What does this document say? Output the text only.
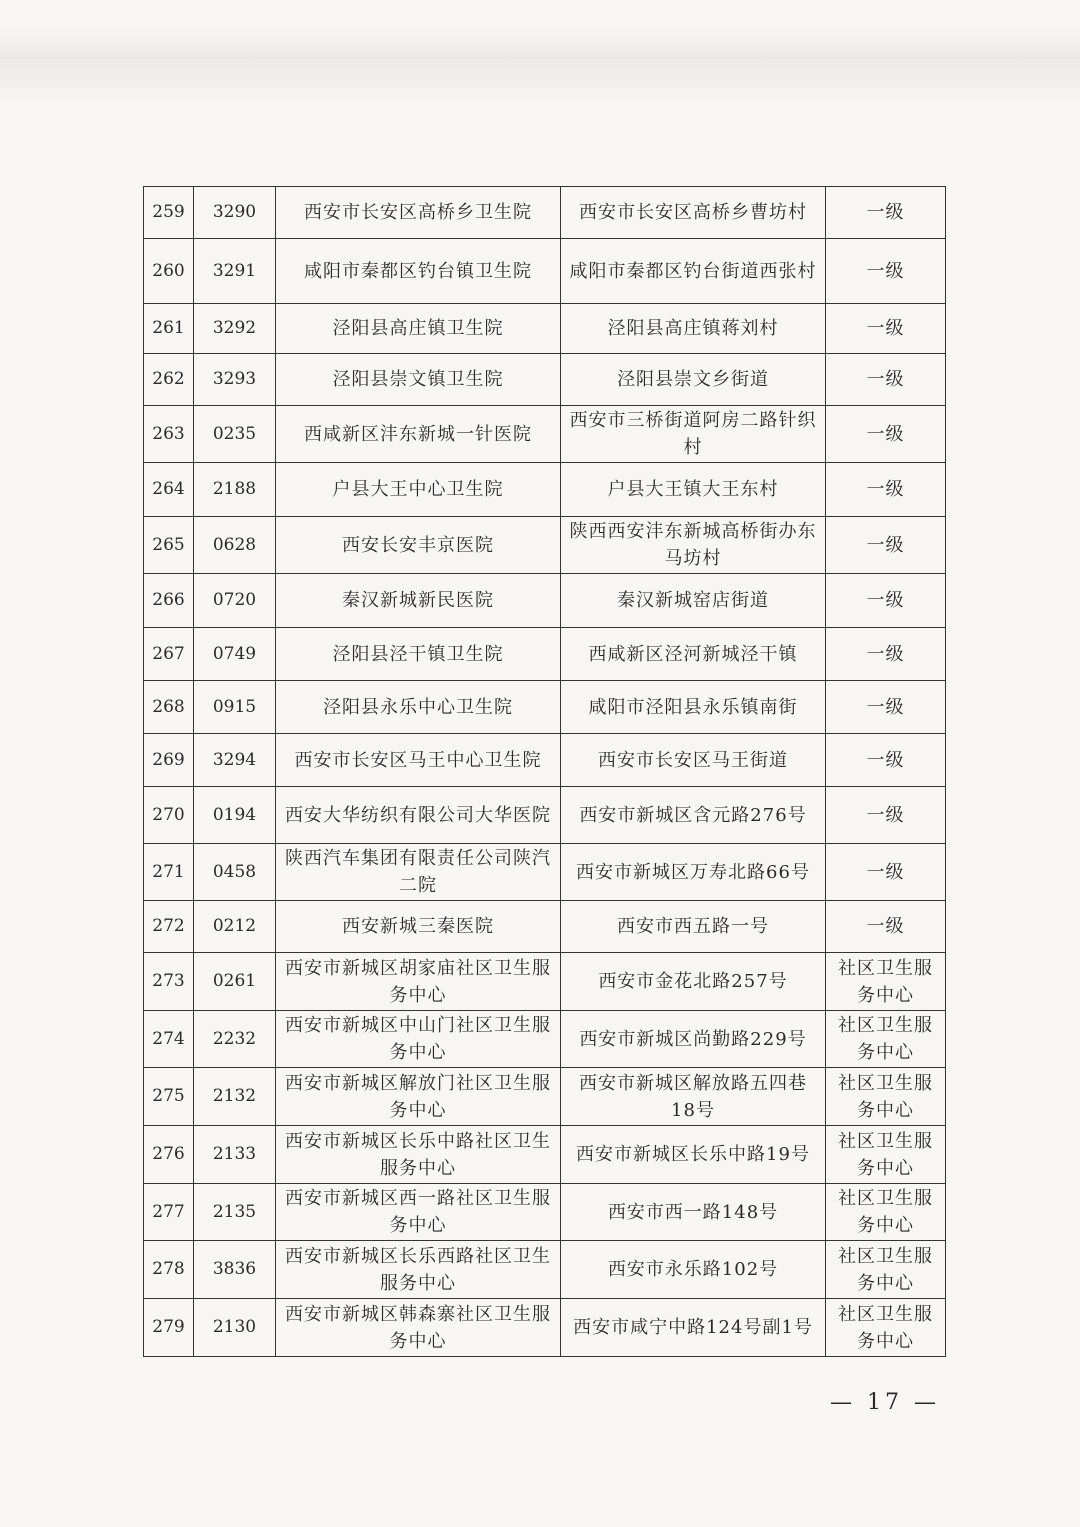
259	3290	西安市长安区高桥乡卫生院	西安市长安区高桥乡曹坊村	一级
260	3291	咸阳市秦都区钓台镇卫生院	咸阳市秦都区钓台街道西张村	一级
261	3292	泾阳县高庄镇卫生院	泾阳县高庄镇蒋刘村	一级
262	3293	泾阳县崇文镇卫生院	泾阳县崇文乡街道	一级
263	0235	西咸新区沣东新城一针医院	西安市三桥街道阿房二路针织村	一级
264	2188	户县大王中心卫生院	户县大王镇大王东村	一级
265	0628	西安长安丰京医院	陕西西安沣东新城高桥街办东马坊村	一级
266	0720	秦汉新城新民医院	秦汉新城窑店街道	一级
267	0749	泾阳县泾干镇卫生院	西咸新区泾河新城泾干镇	一级
268	0915	泾阳县永乐中心卫生院	咸阳市泾阳县永乐镇南街	一级
269	3294	西安市长安区马王中心卫生院	西安市长安区马王街道	一级
270	0194	西安大华纺织有限公司大华医院	西安市新城区含元路276号	一级
271	0458	陕西汽车集团有限责任公司陕汽二院	西安市新城区万寿北路66号	一级
272	0212	西安新城三秦医院	西安市西五路一号	一级
273	0261	西安市新城区胡家庙社区卫生服务中心	西安市金花北路257号	社区卫生服务中心
274	2232	西安市新城区中山门社区卫生服务中心	西安市新城区尚勤路229号	社区卫生服务中心
275	2132	西安市新城区解放门社区卫生服务中心	西安市新城区解放路五四巷18号	社区卫生服务中心
276	2133	西安市新城区长乐中路社区卫生服务中心	西安市新城区长乐中路19号	社区卫生服务中心
277	2135	西安市新城区西一路社区卫生服务中心	西安市西一路148号	社区卫生服务中心
278	3836	西安市新城区长乐西路社区卫生服务中心	西安市永乐路102号	社区卫生服务中心
279	2130	西安市新城区韩森寨社区卫生服务中心	西安市咸宁中路124号副1号	社区卫生服务中心
— 17 —
